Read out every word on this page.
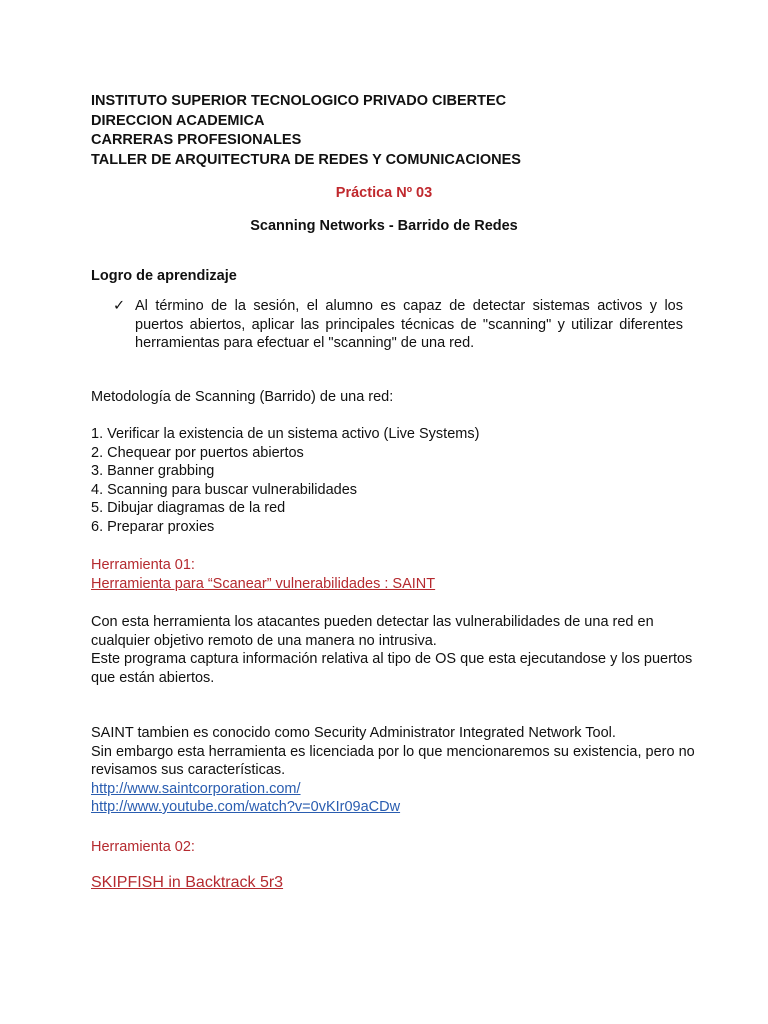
INSTITUTO SUPERIOR TECNOLOGICO PRIVADO CIBERTEC
DIRECCION ACADEMICA
CARRERAS PROFESIONALES
TALLER DE ARQUITECTURA DE REDES Y COMUNICACIONES
Práctica Nº 03
Scanning Networks - Barrido de Redes
Logro de aprendizaje
✓ Al término de la sesión, el alumno es capaz de detectar sistemas activos y los puertos abiertos, aplicar las principales técnicas de "scanning" y utilizar diferentes herramientas para efectuar el "scanning" de una red.
Metodología de Scanning (Barrido) de una red:
1. Verificar la existencia de un sistema activo (Live Systems)
2. Chequear por puertos abiertos
3. Banner grabbing
4. Scanning para buscar vulnerabilidades
5. Dibujar diagramas de la red
6. Preparar proxies
Herramienta 01:
Herramienta para “Scanear” vulnerabilidades : SAINT
Con esta herramienta los atacantes pueden detectar las vulnerabilidades de una red en
cualquier objetivo remoto de una manera no intrusiva.
Este programa captura información relativa al tipo de OS que esta ejecutandose y los puertos
que están abiertos.
SAINT tambien es conocido como Security Administrator Integrated Network Tool.
Sin embargo esta herramienta es licenciada por lo que mencionaremos su existencia, pero no
revisamos sus características.
http://www.saintcorporation.com/
http://www.youtube.com/watch?v=0vKIr09aCDw
Herramienta 02:
SKIPFISH in Backtrack 5r3
